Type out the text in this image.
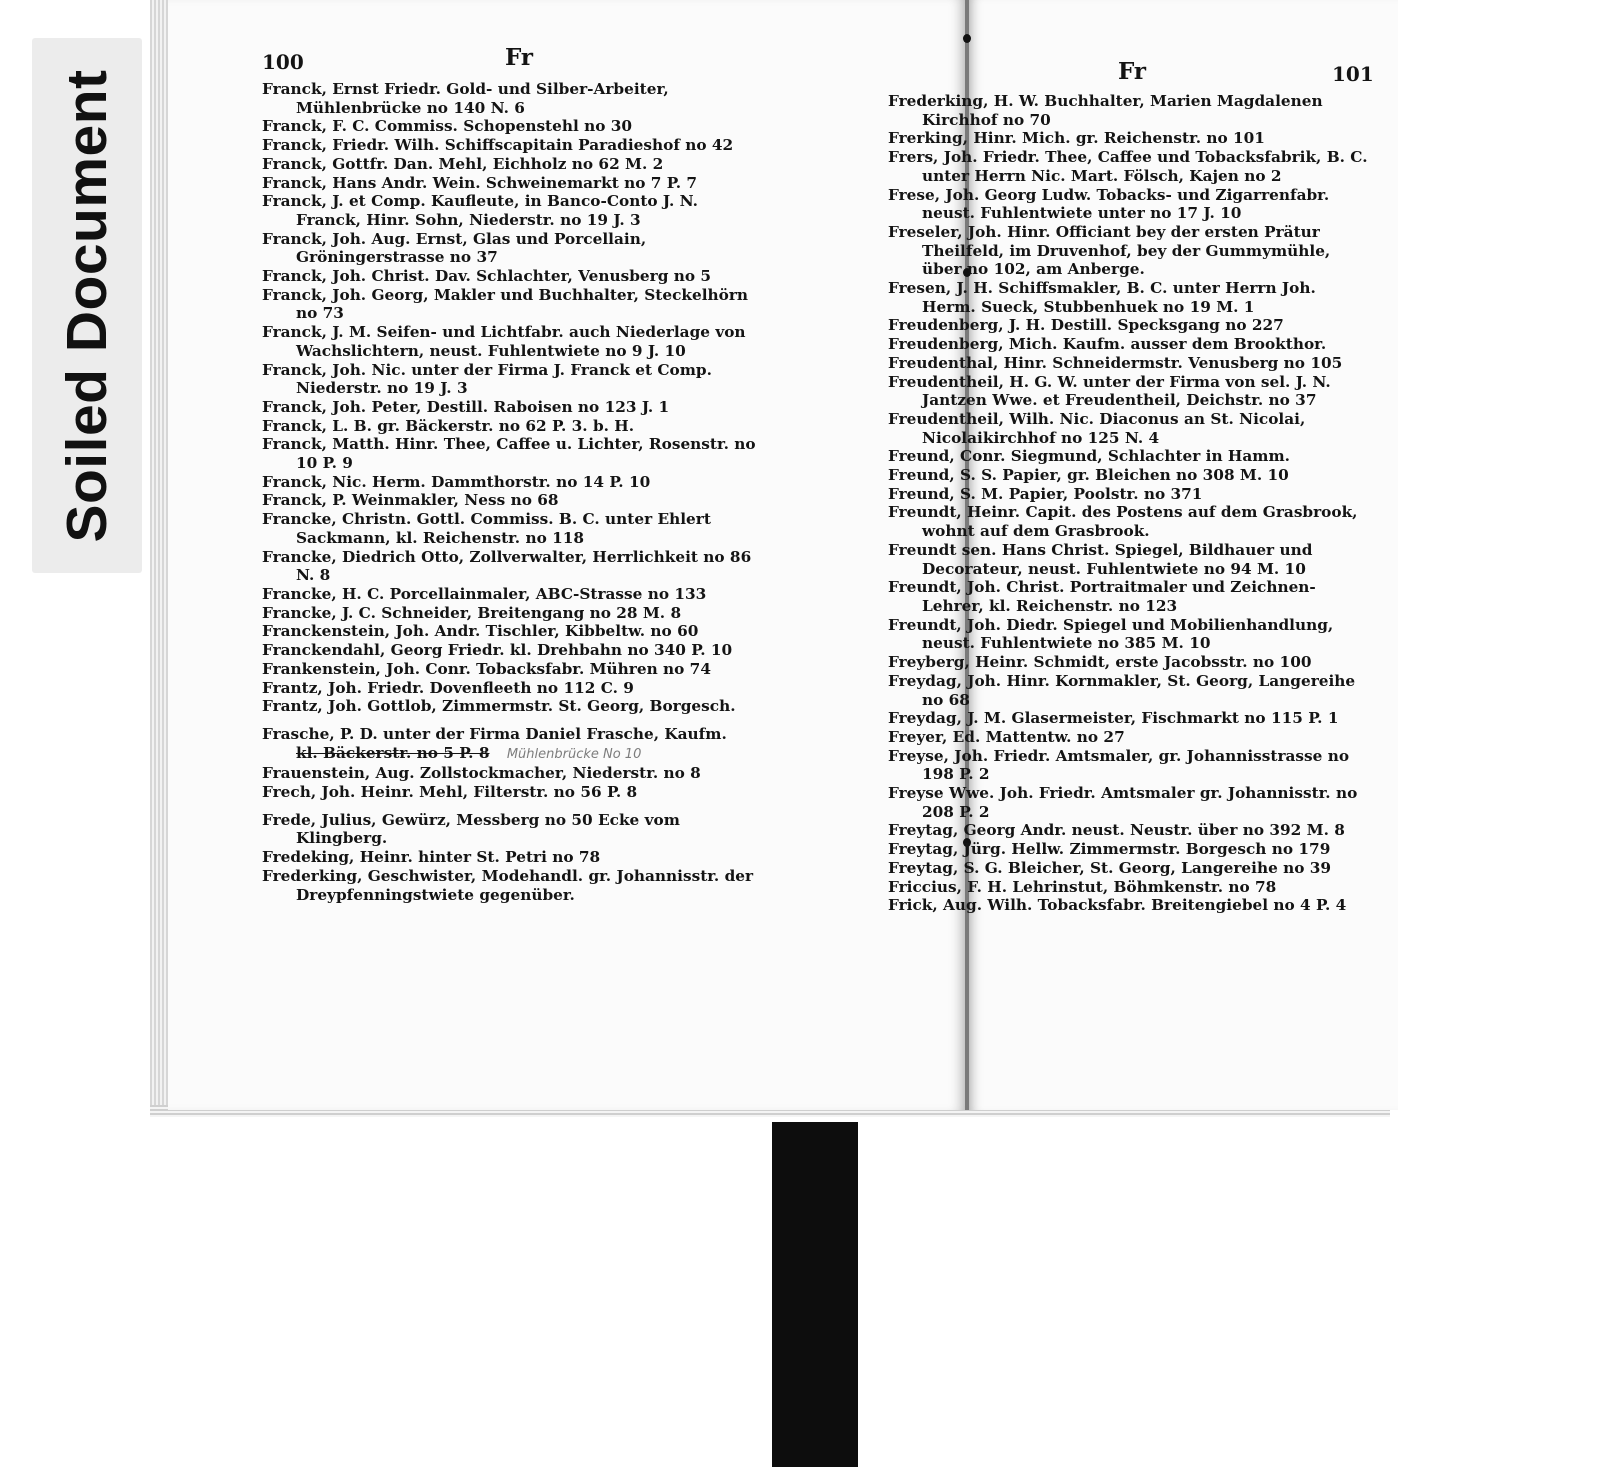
Soiled Document
100	Fr
Fr	101

Franck, Ernst Friedr. Gold- und Silber-Arbeiter, Mühlenbrücke no 140 N. 6

Franck, F. C. Commiss. Schopenstehl no 30

Franck, Friedr. Wilh. Schiffscapitain Paradieshof no 42

Franck, Gottfr. Dan. Mehl, Eichholz no 62 M. 2

Franck, Hans Andr. Wein. Schweinemarkt no 7 P. 7

Franck, J. et Comp. Kaufleute, in Banco-Conto J. N. Franck, Hinr. Sohn, Niederstr. no 19 J. 3

Franck, Joh. Aug. Ernst, Glas und Porcellain, Gröningerstrasse no 37

Franck, Joh. Christ. Dav. Schlachter, Venusberg no 5

Franck, Joh. Georg, Makler und Buchhalter, Steckelhörn no 73

Franck, J. M. Seifen- und Lichtfabr. auch Niederlage von Wachslichtern, neust. Fuhlentwiete no 9 J. 10

Franck, Joh. Nic. unter der Firma J. Franck et Comp. Niederstr. no 19 J. 3

Franck, Joh. Peter, Destill. Raboisen no 123 J. 1

Franck, L. B. gr. Bäckerstr. no 62 P. 3. b. H.

Franck, Matth. Hinr. Thee, Caffee u. Lichter, Rosenstr. no 10 P. 9

Franck, Nic. Herm. Dammthorstr. no 14 P. 10

Franck, P. Weinmakler, Ness no 68

Francke, Christn. Gottl. Commiss. B. C. unter Ehlert Sackmann, kl. Reichenstr. no 118

Francke, Diedrich Otto, Zollverwalter, Herrlichkeit no 86 N. 8

Francke, H. C. Porcellainmaler, ABC-Strasse no 133

Francke, J. C. Schneider, Breitengang no 28 M. 8

Franckenstein, Joh. Andr. Tischler, Kibbeltw. no 60

Franckendahl, Georg Friedr. kl. Drehbahn no 340 P. 10

Frankenstein, Joh. Conr. Tobacksfabr. Mühren no 74

Frantz, Joh. Friedr. Dovenfleeth no 112 C. 9

Frantz, Joh. Gottlob, Zimmermstr. St. Georg, Borgesch.

Frasche, P. D. unter der Firma Daniel Frasche, Kaufm.
kl. Bäckerstr. no 5 P. 8 Mühlenbrücke No 10

Frauenstein, Aug. Zollstockmacher, Niederstr. no 8

Frech, Joh. Heinr. Mehl, Filterstr. no 56 P. 8

Frede, Julius, Gewürz, Messberg no 50 Ecke vom Klingberg.

Fredeking, Heinr. hinter St. Petri no 78

Frederking, Geschwister, Modehandl. gr. Johannisstr. der Dreypfenningstwiete gegenüber.

Frederking, H. W. Buchhalter, Marien Magdalenen Kirchhof no 70

Frerking, Hinr. Mich. gr. Reichenstr. no 101

Frers, Joh. Friedr. Thee, Caffee und Tobacksfabrik, B. C. unter Herrn Nic. Mart. Fölsch, Kajen no 2

Frese, Joh. Georg Ludw. Tobacks- und Zigarrenfabr. neust. Fuhlentwiete unter no 17 J. 10

Freseler, Joh. Hinr. Officiant bey der ersten Prätur Theilfeld, im Druvenhof, bey der Gummymühle, über no 102, am Anberge.

Fresen, J. H. Schiffsmakler, B. C. unter Herrn Joh. Herm. Sueck, Stubbenhuek no 19 M. 1

Freudenberg, J. H. Destill. Specksgang no 227

Freudenberg, Mich. Kaufm. ausser dem Brookthor.

Freudenthal, Hinr. Schneidermstr. Venusberg no 105

Freudentheil, H. G. W. unter der Firma von sel. J. N. Jantzen Wwe. et Freudentheil, Deichstr. no 37

Freudentheil, Wilh. Nic. Diaconus an St. Nicolai, Nicolaikirchhof no 125 N. 4

Freund, Conr. Siegmund, Schlachter in Hamm.

Freund, S. S. Papier, gr. Bleichen no 308 M. 10

Freund, S. M. Papier, Poolstr. no 371

Freundt, Heinr. Capit. des Postens auf dem Grasbrook, wohnt auf dem Grasbrook.

Freundt sen. Hans Christ. Spiegel, Bildhauer und Decorateur, neust. Fuhlentwiete no 94 M. 10

Freundt, Joh. Christ. Portraitmaler und Zeichnen-Lehrer, kl. Reichenstr. no 123

Freundt, Joh. Diedr. Spiegel und Mobilienhandlung, neust. Fuhlentwiete no 385 M. 10

Freyberg, Heinr. Schmidt, erste Jacobsstr. no 100

Freydag, Joh. Hinr. Kornmakler, St. Georg, Langereihe no 68

Freydag, J. M. Glasermeister, Fischmarkt no 115 P. 1

Freyer, Ed. Mattentw. no 27

Freyse, Joh. Friedr. Amtsmaler, gr. Johannisstrasse no 198 P. 2

Freyse Wwe. Joh. Friedr. Amtsmaler gr. Johannisstr. no 208 P. 2

Freytag, Georg Andr. neust. Neustr. über no 392 M. 8

Freytag, Jürg. Hellw. Zimmermstr. Borgesch no 179

Freytag, S. G. Bleicher, St. Georg, Langereihe no 39

Friccius, F. H. Lehrinstut, Böhmkenstr. no 78

Frick, Aug. Wilh. Tobacksfabr. Breitengiebel no 4 P. 4
